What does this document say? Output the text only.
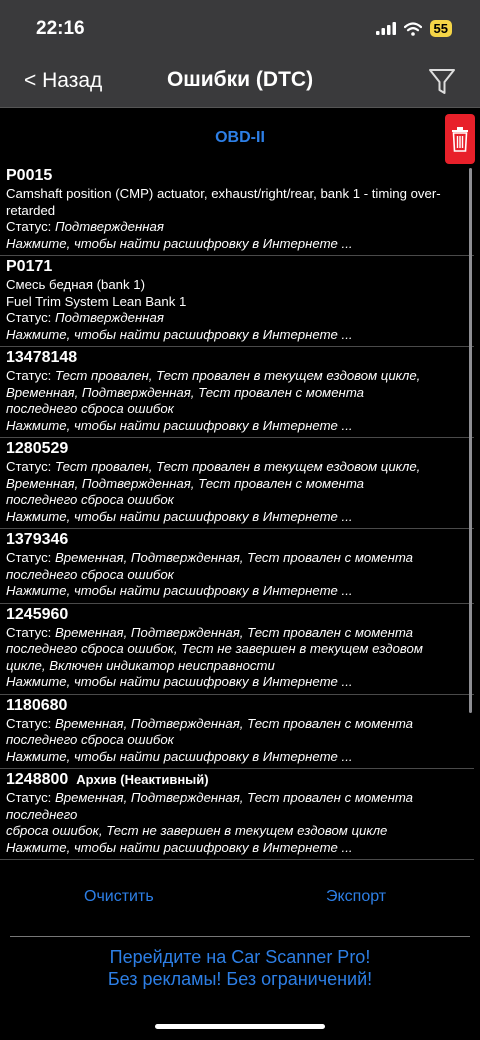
22:16	55
< Назад	Ошибки (DTC)
OBD-II
P0015
Camshaft position (CMP) actuator, exhaust/right/rear, bank 1 - timing over-
retarded
Статус: Подтвержденная
Нажмите, чтобы найти расшифровку в Интернете ...
P0171
Смесь бедная (bank 1)
Fuel Trim System Lean Bank 1
Статус: Подтвержденная
Нажмите, чтобы найти расшифровку в Интернете ...
13478148
Статус: Тест провален, Тест провален в текущем ездовом цикле,
Временная, Подтвержденная, Тест провален с момента
последнего сброса ошибок
Нажмите, чтобы найти расшифровку в Интернете ...
1280529
Статус: Тест провален, Тест провален в текущем ездовом цикле,
Временная, Подтвержденная, Тест провален с момента
последнего сброса ошибок
Нажмите, чтобы найти расшифровку в Интернете ...
1379346
Статус: Временная, Подтвержденная, Тест провален с момента
последнего сброса ошибок
Нажмите, чтобы найти расшифровку в Интернете ...
1245960
Статус: Временная, Подтвержденная, Тест провален с момента
последнего сброса ошибок, Тест не завершен в текущем ездовом
цикле, Включен индикатор неисправности
Нажмите, чтобы найти расшифровку в Интернете ...
1180680
Статус: Временная, Подтвержденная, Тест провален с момента
последнего сброса ошибок
Нажмите, чтобы найти расшифровку в Интернете ...
1248800 Архив (Неактивный)
Статус: Временная, Подтвержденная, Тест провален с момента последнего
сброса ошибок, Тест не завершен в текущем ездовом цикле
Нажмите, чтобы найти расшифровку в Интернете ...
Очистить	Экспорт
Перейдите на Car Scanner Pro!
Без рекламы! Без ограничений!
